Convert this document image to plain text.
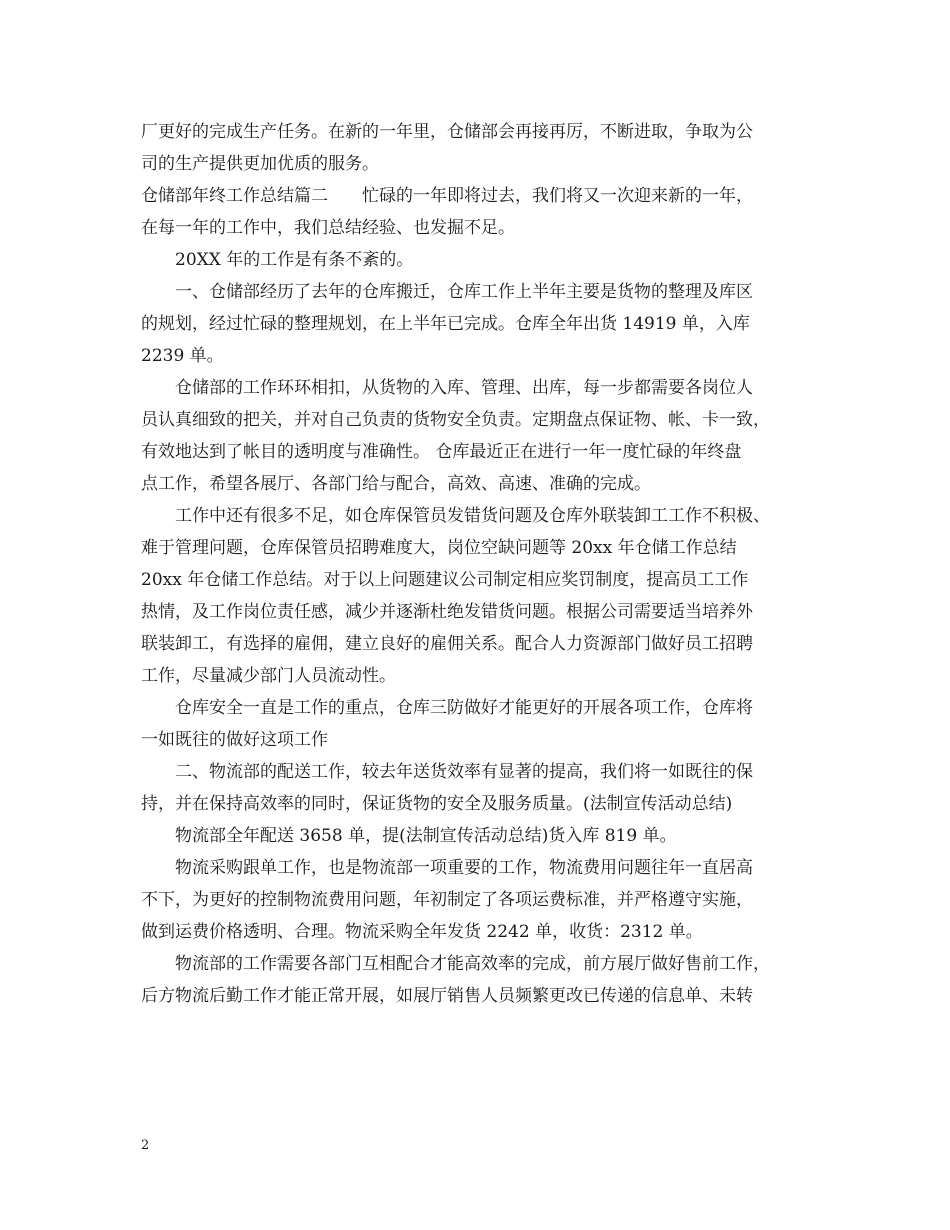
厂更好的完成生产任务。在新的一年里，仓储部会再接再厉，不断进取，争取为公
司的生产提供更加优质的服务。
仓储部年终工作总结篇二　　忙碌的一年即将过去，我们将又一次迎来新的一年，
在每一年的工作中，我们总结经验、也发掘不足。
20XX 年的工作是有条不紊的。
一、仓储部经历了去年的仓库搬迁，仓库工作上半年主要是货物的整理及库区
的规划，经过忙碌的整理规划，在上半年已完成。仓库全年出货 14919 单，入库
2239 单。
仓储部的工作环环相扣，从货物的入库、管理、出库，每一步都需要各岗位人
员认真细致的把关，并对自己负责的货物安全负责。定期盘点保证物、帐、卡一致，
有效地达到了帐目的透明度与准确性。 仓库最近正在进行一年一度忙碌的年终盘
点工作，希望各展厅、各部门给与配合，高效、高速、准确的完成。
工作中还有很多不足，如仓库保管员发错货问题及仓库外联装卸工工作不积极、
难于管理问题，仓库保管员招聘难度大，岗位空缺问题等 20xx 年仓储工作总结
20xx 年仓储工作总结。对于以上问题建议公司制定相应奖罚制度，提高员工工作
热情，及工作岗位责任感，减少并逐渐杜绝发错货问题。根据公司需要适当培养外
联装卸工，有选择的雇佣，建立良好的雇佣关系。配合人力资源部门做好员工招聘
工作，尽量减少部门人员流动性。
仓库安全一直是工作的重点，仓库三防做好才能更好的开展各项工作，仓库将
一如既往的做好这项工作
二、物流部的配送工作，较去年送货效率有显著的提高，我们将一如既往的保
持，并在保持高效率的同时，保证货物的安全及服务质量。(法制宣传活动总结)
物流部全年配送 3658 单，提(法制宣传活动总结)货入库 819 单。
物流采购跟单工作，也是物流部一项重要的工作，物流费用问题往年一直居高
不下，为更好的控制物流费用问题，年初制定了各项运费标准，并严格遵守实施，
做到运费价格透明、合理。物流采购全年发货 2242 单，收货：2312 单。
物流部的工作需要各部门互相配合才能高效率的完成，前方展厅做好售前工作，
后方物流后勤工作才能正常开展，如展厅销售人员频繁更改已传递的信息单、未转
2
